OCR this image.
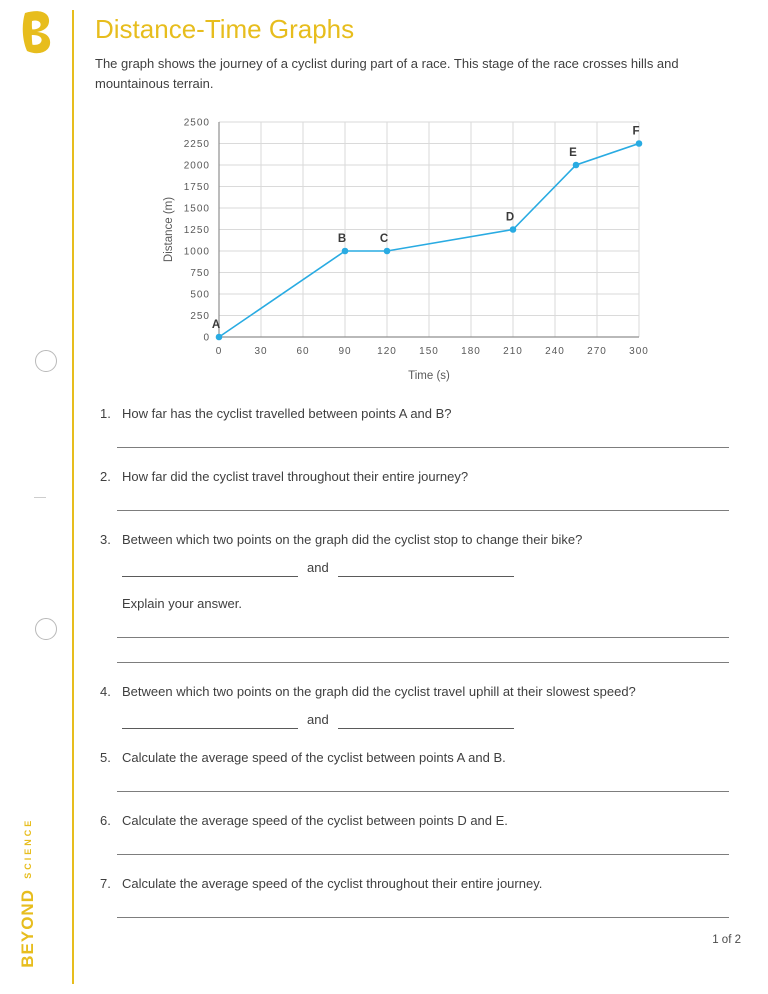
BEYOND
SCIENCE
Distance-Time Graphs

The graph shows the journey of a cyclist during part of a race. This stage of the race crosses hills and mountainous terrain.

0
250
500
750
1000
1250
1500
1750
2000
2250
2500
0	30	60	90	120 150 180 210 240 270 300
A
B	C
D
E
F
Time (s)
Distance (m)
1. How far has the cyclist travelled between points A and B?
2. How far did the cyclist travel throughout their entire journey?
3. Between which two points on the graph did the cyclist stop to change their bike?
and
Explain your answer.
4. Between which two points on the graph did the cyclist travel uphill at their slowest speed?
and
5. Calculate the average speed of the cyclist between points A and B.
6. Calculate the average speed of the cyclist between points D and E.
7. Calculate the average speed of the cyclist throughout their entire journey.
1 of 2
